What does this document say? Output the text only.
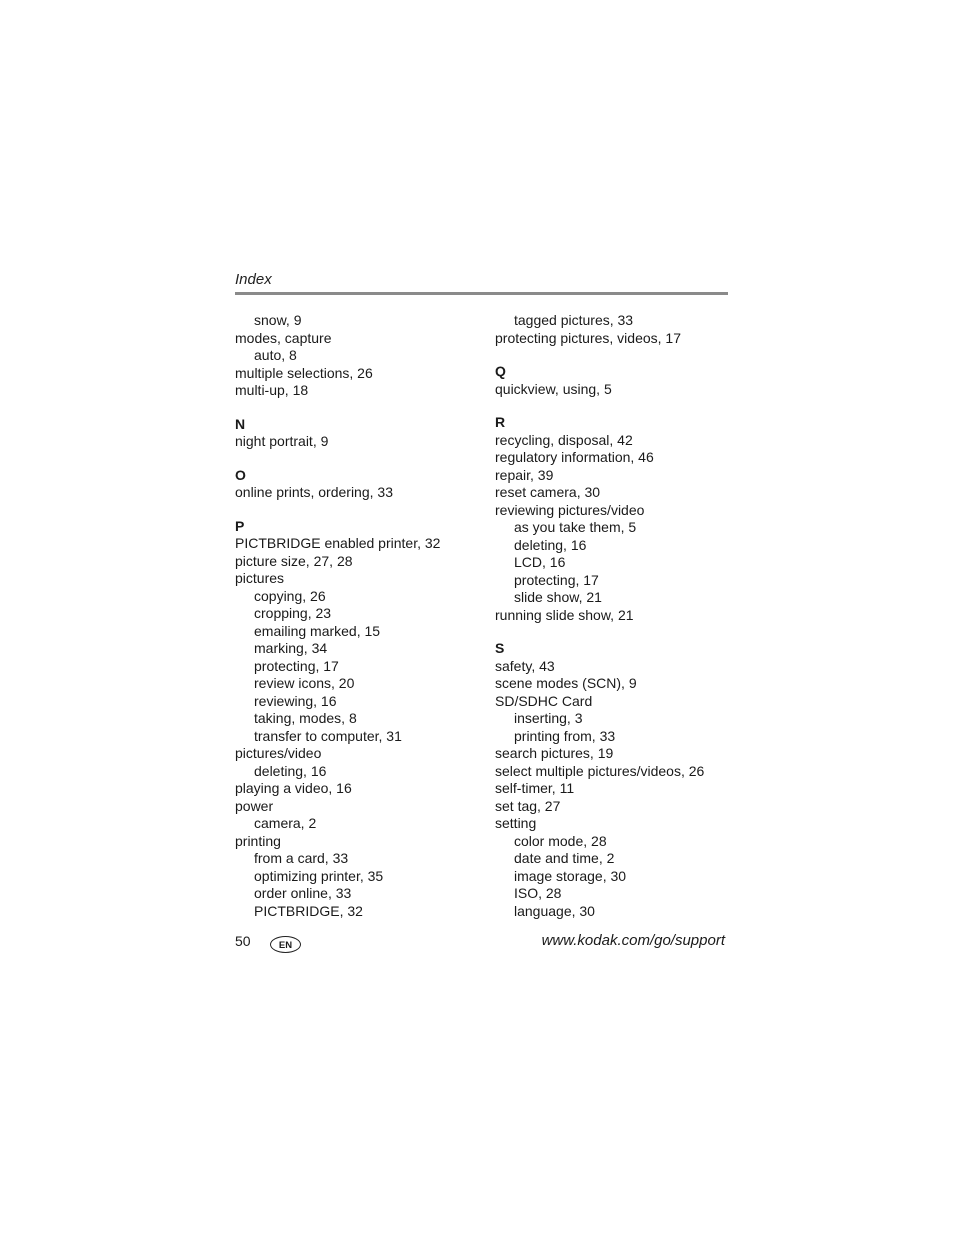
Index
snow, 9
modes, capture
auto, 8
multiple selections, 26
multi-up, 18
N
night portrait, 9
O
online prints, ordering, 33
P
PICTBRIDGE enabled printer, 32
picture size, 27, 28
pictures
copying, 26
cropping, 23
emailing marked, 15
marking, 34
protecting, 17
review icons, 20
reviewing, 16
taking, modes, 8
transfer to computer, 31
pictures/video
deleting, 16
playing a video, 16
power
camera, 2
printing
from a card, 33
optimizing printer, 35
order online, 33
PICTBRIDGE, 32
tagged pictures, 33
protecting pictures, videos, 17
Q
quickview, using, 5
R
recycling, disposal, 42
regulatory information, 46
repair, 39
reset camera, 30
reviewing pictures/video
as you take them, 5
deleting, 16
LCD, 16
protecting, 17
slide show, 21
running slide show, 21
S
safety, 43
scene modes (SCN), 9
SD/SDHC Card
inserting, 3
printing from, 33
search pictures, 19
select multiple pictures/videos, 26
self-timer, 11
set tag, 27
setting
color mode, 28
date and time, 2
image storage, 30
ISO, 28
language, 30
50	EN	www.kodak.com/go/support
